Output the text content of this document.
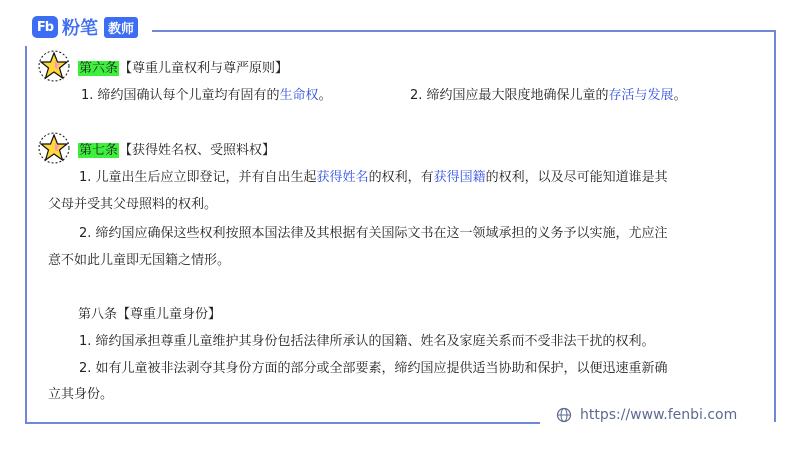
Fb 粉笔 教师
第六条【尊重儿童权利与尊严原则】
1. 缔约国确认每个儿童均有固有的生命权。	2. 缔约国应最大限度地确保儿童的存活与发展。
第七条【获得姓名权、受照料权】
1. 儿童出生后应立即登记，并有自出生起获得姓名的权利，有获得国籍的权利，以及尽可能知道谁是其
父母并受其父母照料的权利。
2. 缔约国应确保这些权利按照本国法律及其根据有关国际文书在这一领域承担的义务予以实施，尤应注
意不如此儿童即无国籍之情形。
第八条【尊重儿童身份】
1. 缔约国承担尊重儿童维护其身份包括法律所承认的国籍、姓名及家庭关系而不受非法干扰的权利。
2. 如有儿童被非法剥夺其身份方面的部分或全部要素，缔约国应提供适当协助和保护，以便迅速重新确
立其身份。
https://www.fenbi.com
